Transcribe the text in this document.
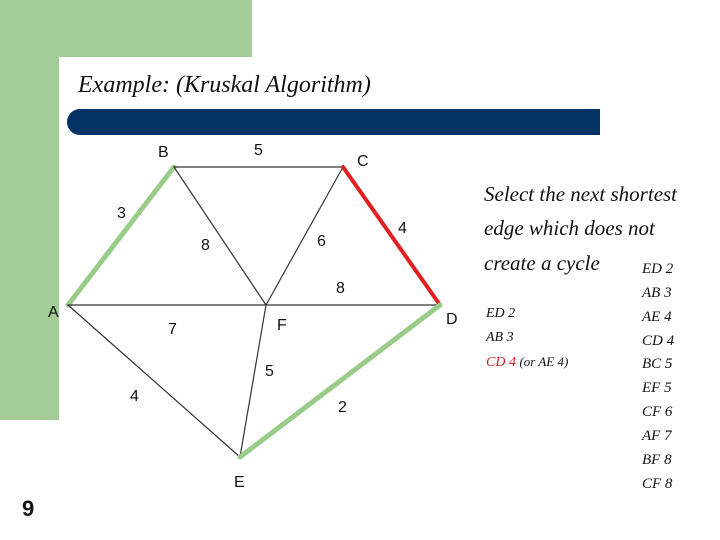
Example: (Kruskal Algorithm)
3
5
8	6
4
8
7
4
5
2
A
B
C
D
E
F
Select the next shortest
edge which does not
create a cycle
ED 2
AB 3
CD 4 (or AE 4)
ED 2
AB 3
AE 4
CD 4
BC 5
EF 5
CF 6
AF 7
BF 8
CF 8
9
